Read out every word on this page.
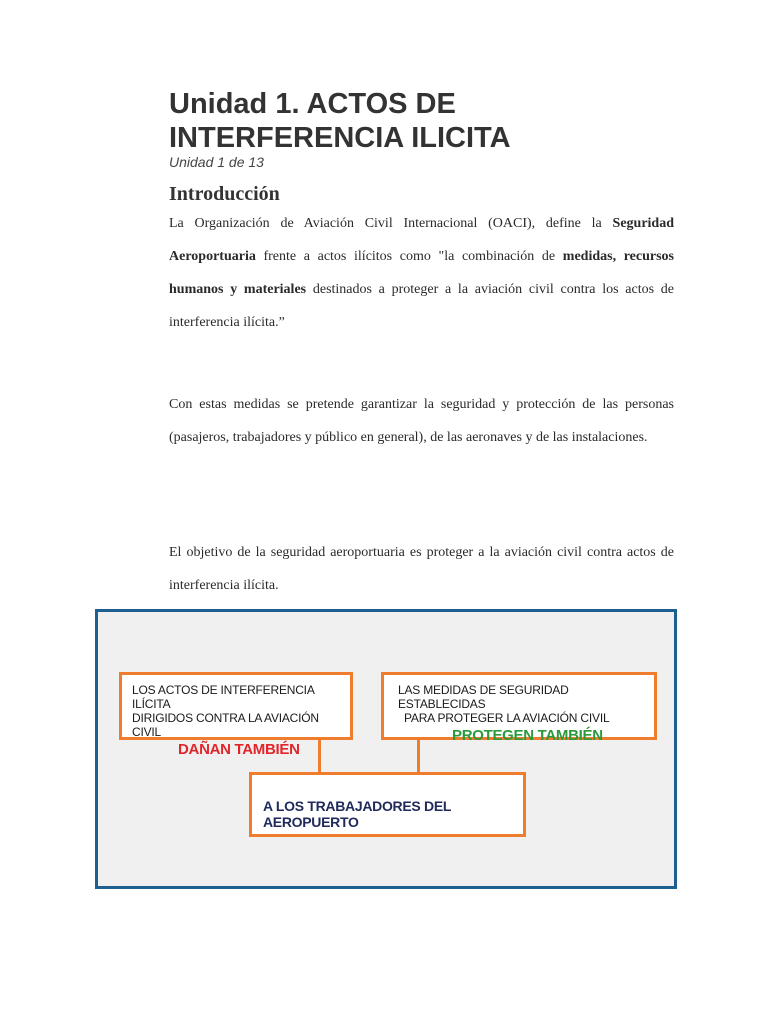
Unidad 1. ACTOS DE INTERFERENCIA ILICITA
Unidad 1 de 13
Introducción

La Organización de Aviación Civil Internacional (OACI), define la Seguridad Aeroportuaria frente a actos ilícitos como "la combinación de medidas, recursos humanos y materiales destinados a proteger a la aviación civil contra los actos de interferencia ilícita.”

Con estas medidas se pretende garantizar la seguridad y protección de las personas (pasajeros, trabajadores y público en general), de las aeronaves y de las instalaciones.

El objetivo de la seguridad aeroportuaria es proteger a la aviación civil contra actos de interferencia ilícita.

LOS ACTOS DE INTERFERENCIA ILÍCITA
DIRIGIDOS CONTRA LA AVIACIÓN CIVIL
DAÑAN TAMBIÉN
LAS MEDIDAS DE SEGURIDAD ESTABLECIDAS
PARA PROTEGER LA AVIACIÓN CIVIL
PROTEGEN TAMBIÉN
A LOS TRABAJADORES DEL AEROPUERTO
